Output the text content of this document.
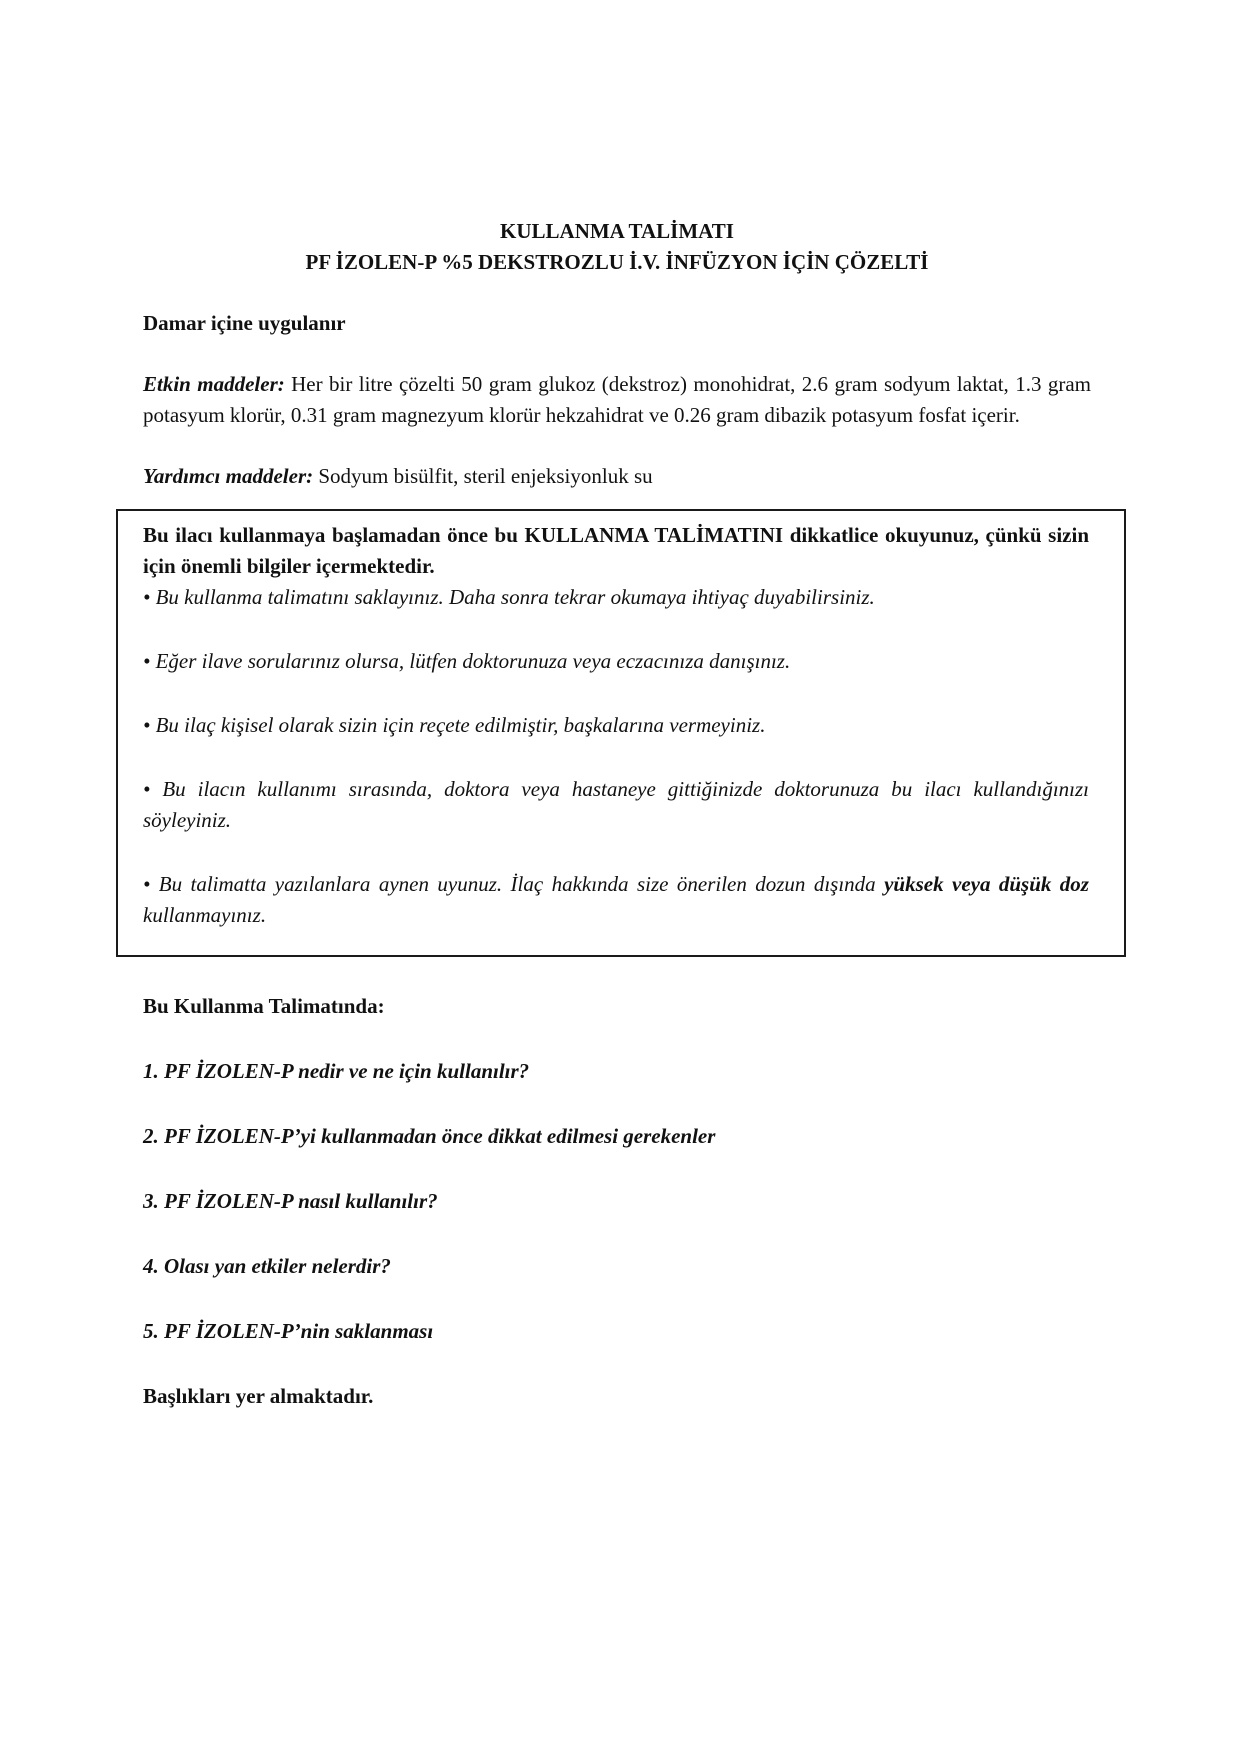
KULLANMA TALİMATI
PF İZOLEN-P %5 DEKSTROZLU İ.V. İNFÜZYON İÇİN ÇÖZELTİ

Damar içine uygulanır

Etkin maddeler: Her bir litre çözelti 50 gram glukoz (dekstroz) monohidrat, 2.6 gram sodyum laktat, 1.3 gram potasyum klorür, 0.31 gram magnezyum klorür hekzahidrat ve 0.26 gram dibazik potasyum fosfat içerir.

Yardımcı maddeler: Sodyum bisülfit, steril enjeksiyonluk su

Bu ilacı kullanmaya başlamadan önce bu KULLANMA TALİMATINI dikkatlice okuyunuz, çünkü sizin için önemli bilgiler içermektedir.

• Bu kullanma talimatını saklayınız. Daha sonra tekrar okumaya ihtiyaç duyabilirsiniz.

• Eğer ilave sorularınız olursa, lütfen doktorunuza veya eczacınıza danışınız.

• Bu ilaç kişisel olarak sizin için reçete edilmiştir, başkalarına vermeyiniz.

• Bu ilacın kullanımı sırasında, doktora veya hastaneye gittiğinizde doktorunuza bu ilacı kullandığınızı söyleyiniz.

• Bu talimatta yazılanlara aynen uyunuz. İlaç hakkında size önerilen dozun dışında yüksek veya düşük doz kullanmayınız.

Bu Kullanma Talimatında:

1. PF İZOLEN-P nedir ve ne için kullanılır?

2. PF İZOLEN-P’yi kullanmadan önce dikkat edilmesi gerekenler

3. PF İZOLEN-P nasıl kullanılır?

4. Olası yan etkiler nelerdir?

5. PF İZOLEN-P’nin saklanması

Başlıkları yer almaktadır.
